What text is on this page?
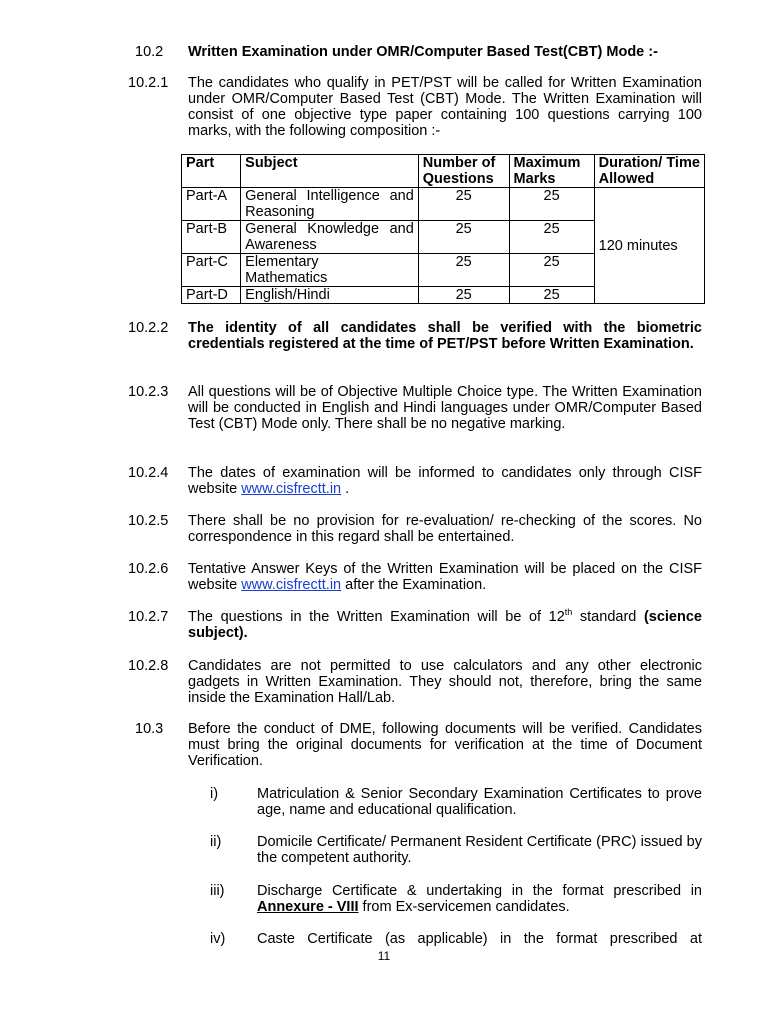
10.2	Written Examination under OMR/Computer Based Test(CBT) Mode :-
10.2.1	The candidates who qualify in PET/PST will be called for Written Examination under OMR/Computer Based Test (CBT) Mode. The Written Examination will consist of one objective type paper containing 100 questions carrying 100 marks, with the following composition :-
Part	Subject	Number of Questions	Maximum Marks	Duration/ Time Allowed
Part-A	General Intelligence and Reasoning	25	25	120 minutes
Part-B	General Knowledge and Awareness	25	25	
Part-C	Elementary Mathematics	25	25	
Part-D	English/Hindi	25	25	
10.2.2	The identity of all candidates shall be verified with the biometric credentials registered at the time of PET/PST before Written Examination.
10.2.3	All questions will be of Objective Multiple Choice type. The Written Examination will be conducted in English and Hindi languages under OMR/Computer Based Test (CBT) Mode only. There shall be no negative marking.
10.2.4	The dates of examination will be informed to candidates only through CISF website www.cisfrectt.in .
10.2.5	There shall be no provision for re-evaluation/ re-checking of the scores. No correspondence in this regard shall be entertained.
10.2.6	Tentative Answer Keys of the Written Examination will be placed on the CISF website www.cisfrectt.in after the Examination.
10.2.7	The questions in the Written Examination will be of 12th standard (science subject).
10.2.8	Candidates are not permitted to use calculators and any other electronic gadgets in Written Examination. They should not, therefore, bring the same inside the Examination Hall/Lab.
10.3	Before the conduct of DME, following documents will be verified. Candidates must bring the original documents for verification at the time of Document Verification.
i)	Matriculation & Senior Secondary Examination Certificates to prove age, name and educational qualification.
ii)	Domicile Certificate/ Permanent Resident Certificate (PRC) issued by the competent authority.
iii)	Discharge Certificate & undertaking in the format prescribed in Annexure - VIII from Ex-servicemen candidates.
iv)	Caste Certificate (as applicable) in the format prescribed at
11
